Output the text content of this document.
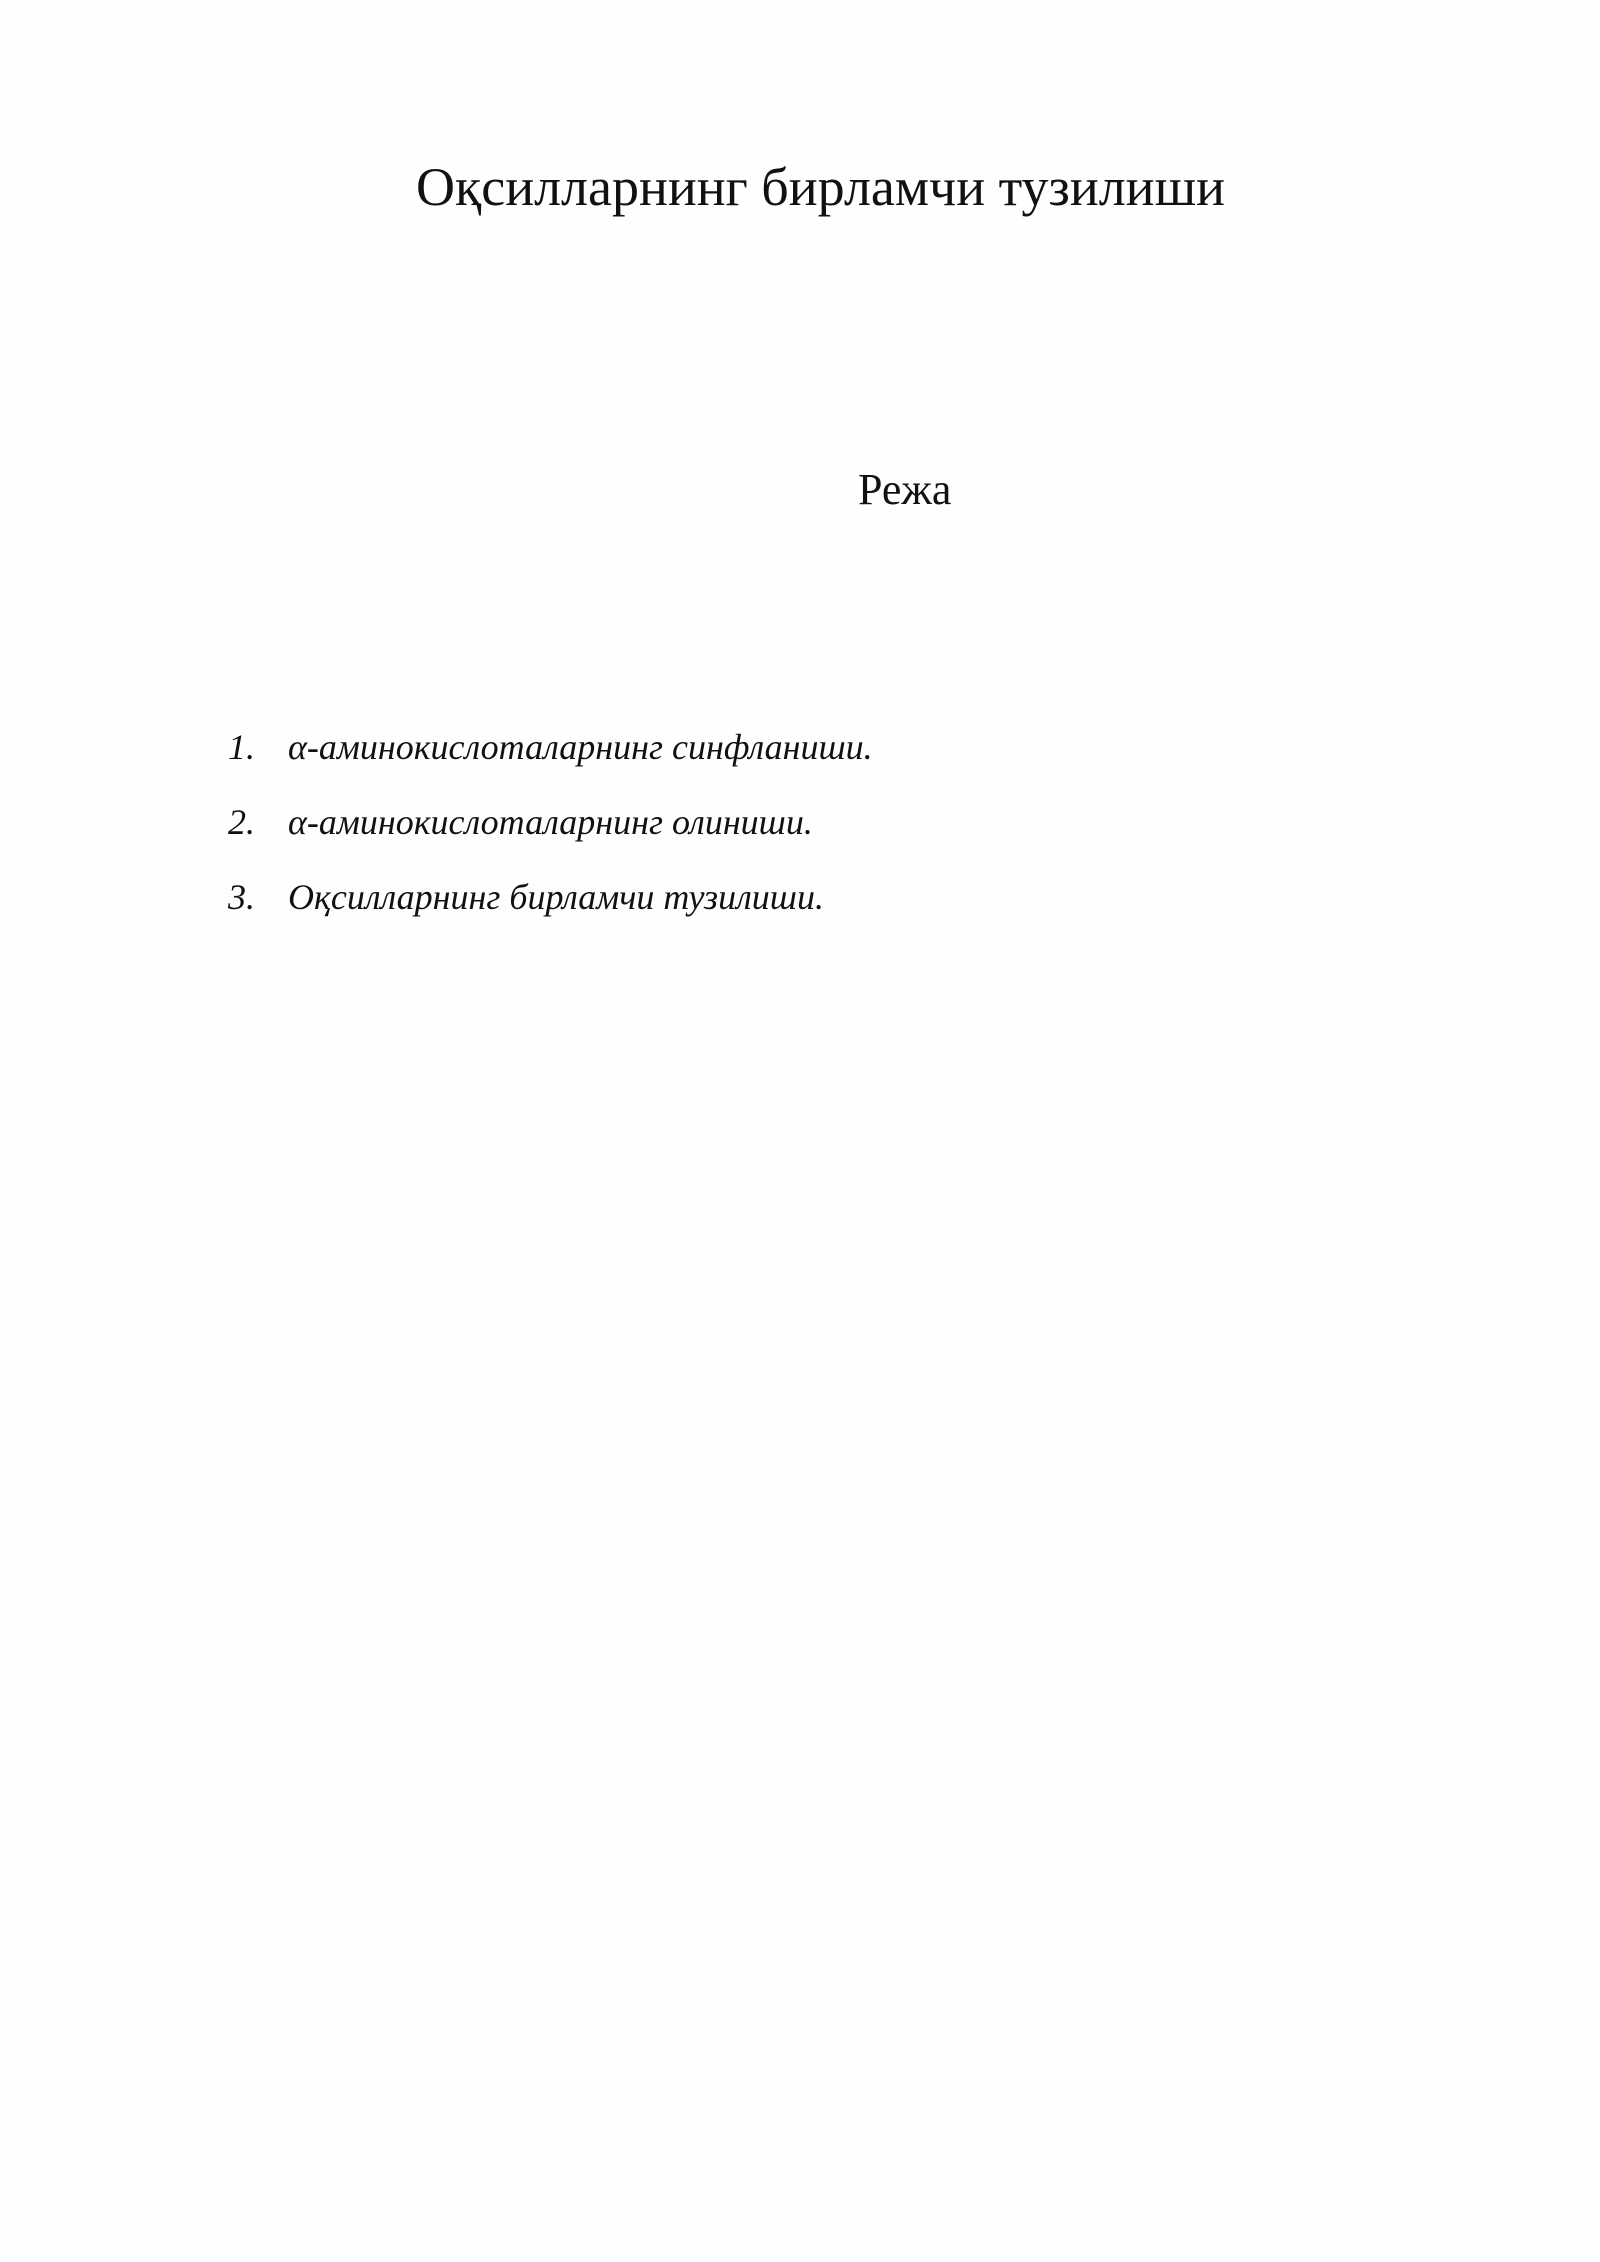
Оқсилларнинг бирламчи тузилиши
Режа
1. α-аминокислоталарнинг синфланиши.
2. α-аминокислоталарнинг олиниши.
3. Оқсилларнинг бирламчи тузилиши.
